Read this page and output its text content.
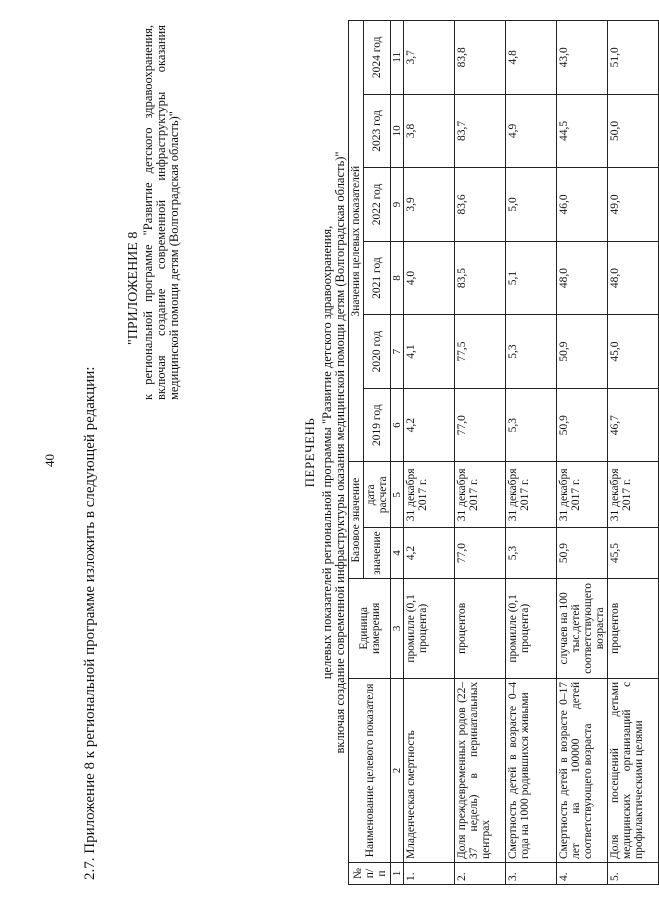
40 2.7. Приложение 8 к региональной программе изложить в следующей редакции:
"ПРИЛОЖЕНИЕ 8 к региональной программе "Развитие детского здравоохранения, включая создание современной инфраструктуры оказания медицинской помощи детям (Волгоградская область)"
ПЕРЕЧЕНЬ целевых показателей региональной программы "Развитие детского здравоохранения, включая создание современной инфраструктуры оказания медицинской помощи детям (Волгоградская область)"
№ п/п	Наименование целевого показателя	Единица измерения	Базовое значение		Значения целевых показателей					
			значение	дата расчета	2019 год	2020 год	2021 год	2022 год	2023 год	2024 год

1	2	3	4	5	6	7	8	9	10	11
1.	Младенческая смертность	промилле (0,1 процента)	4,2	31 декабря 2017 г.	4,2	4,1	4,0	3,9	3,8	3,7
2.	Доля преждевременных родов (22–37 недель) в перинатальных центрах	процентов	77,0	31 декабря 2017 г.	77,0	77,5	83,5	83,6	83,7	83,8
3.	Смертность детей в возрасте 0–4 года на 1000 родившихся живыми	промилле (0,1 процента)	5,3	31 декабря 2017 г.	5,3	5,3	5,1	5,0	4,9	4,8
4.	Смертность детей в возрасте 0–17 лет на 100000 детей соответствующего возраста	случаев на 100 тыс.детей соответствующего возраста	50,9	31 декабря 2017 г.	50,9	50,9	48,0	46,0	44,5	43,0
5.	Доля посещений детьми медицинских организаций с профилактическими целями	процентов	45,5	31 декабря 2017 г.	46,7	45,0	48,0	49,0	50,0	51,0
